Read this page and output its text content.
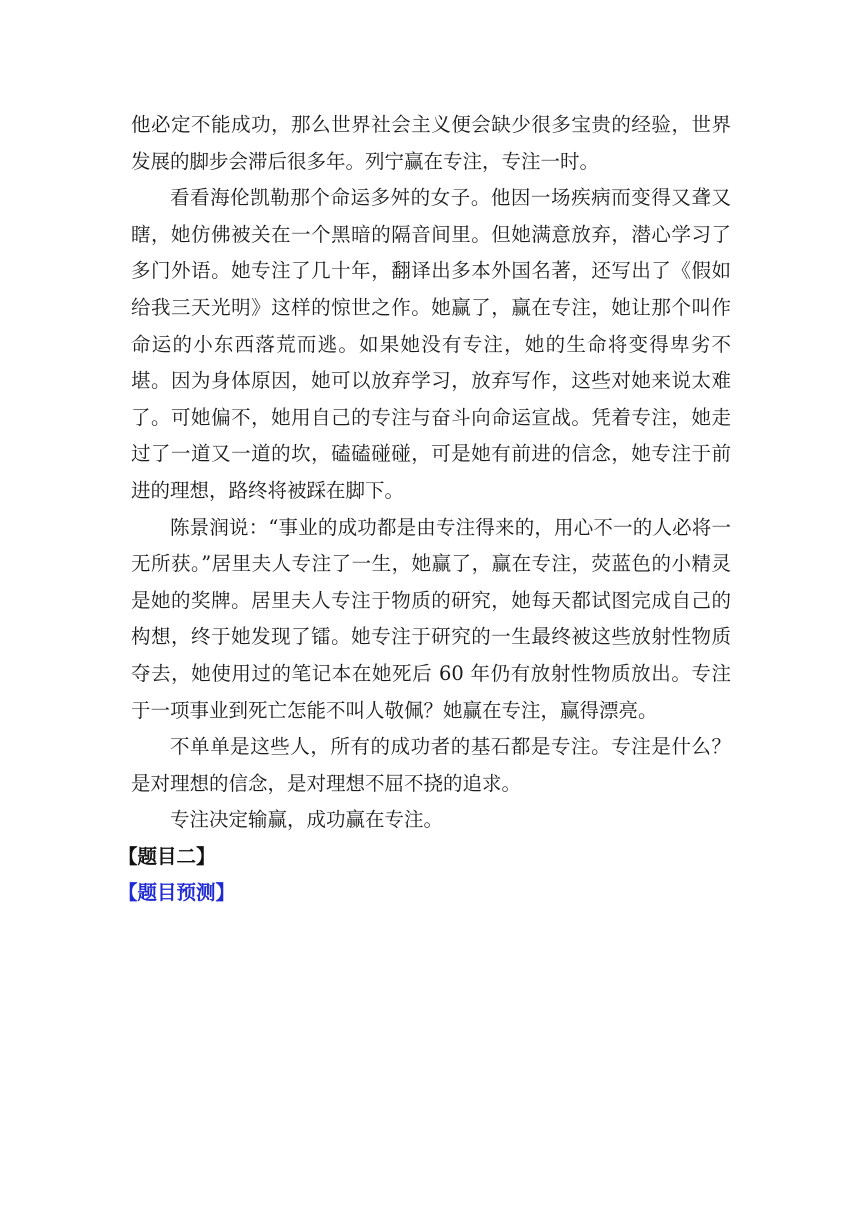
他必定不能成功，那么世界社会主义便会缺少很多宝贵的经验，世界发展的脚步会滞后很多年。列宁赢在专注，专注一时。

看看海伦凯勒那个命运多舛的女子。他因一场疾病而变得又聋又瞎，她仿佛被关在一个黑暗的隔音间里。但她满意放弃，潜心学习了多门外语。她专注了几十年，翻译出多本外国名著，还写出了《假如给我三天光明》这样的惊世之作。她赢了，赢在专注，她让那个叫作命运的小东西落荒而逃。如果她没有专注，她的生命将变得卑劣不堪。因为身体原因，她可以放弃学习，放弃写作，这些对她来说太难了。可她偏不，她用自己的专注与奋斗向命运宣战。凭着专注，她走过了一道又一道的坎，磕磕碰碰，可是她有前进的信念，她专注于前进的理想，路终将被踩在脚下。

陈景润说：“事业的成功都是由专注得来的，用心不一的人必将一无所获。”居里夫人专注了一生，她赢了，赢在专注，荧蓝色的小精灵是她的奖牌。居里夫人专注于物质的研究，她每天都试图完成自己的构想，终于她发现了镭。她专注于研究的一生最终被这些放射性物质夺去，她使用过的笔记本在她死后 60 年仍有放射性物质放出。专注于一项事业到死亡怎能不叫人敬佩？她赢在专注，赢得漂亮。

不单单是这些人，所有的成功者的基石都是专注。专注是什么？是对理想的信念，是对理想不屈不挠的追求。

专注决定输赢，成功赢在专注。

【题目二】

【题目预测】
